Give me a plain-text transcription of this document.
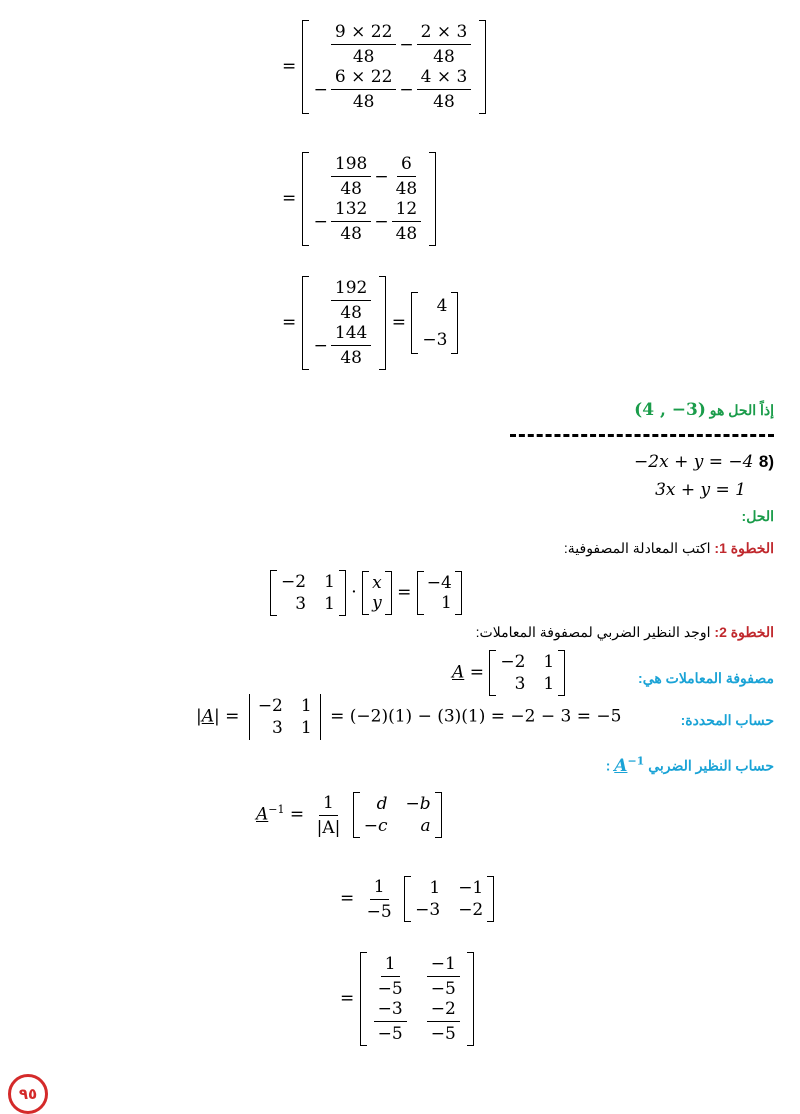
= $\frac{9 \times 22}{48} - \frac{2 \times 3}{48}$
− $\frac{6 \times 22}{48} - \frac{4 \times 3}{48}$
= $\frac{198}{48} - \frac{6}{48}$
− $\frac{132}{48} - \frac{12}{48}$
= $\frac{192}{48}$
− $\frac{144}{48}$
=
4
−3
إذاً الحل هو (4 , −3)
−2x + y = −4 8)
3x + y = 1
الحل:
الخطوة 1: اكتب المعادلة المصفوفية:
−2 1
3 1
· x
y
= −4
1
الخطوة 2: اوجد النظير الضربي لمصفوفة المعاملات:
مصفوفة المعاملات هي:
A =
−2 1
3 1
حساب المحددة:
|A| =
−2 1
3 1
= (−2)(1) − (3)(1) = −2 − 3 = −5
حساب النظير الضربي $A^{-1}$ :
$A^{-1} = \frac{1}{|A|}$
	d −b
−c	a
= $\frac{1}{-5}$
	1 −1
−3 −2
= $\frac{1}{-5} \frac{-1}{-5}$
$\frac{-3}{-5} \frac{-2}{-5}$
٩٥
